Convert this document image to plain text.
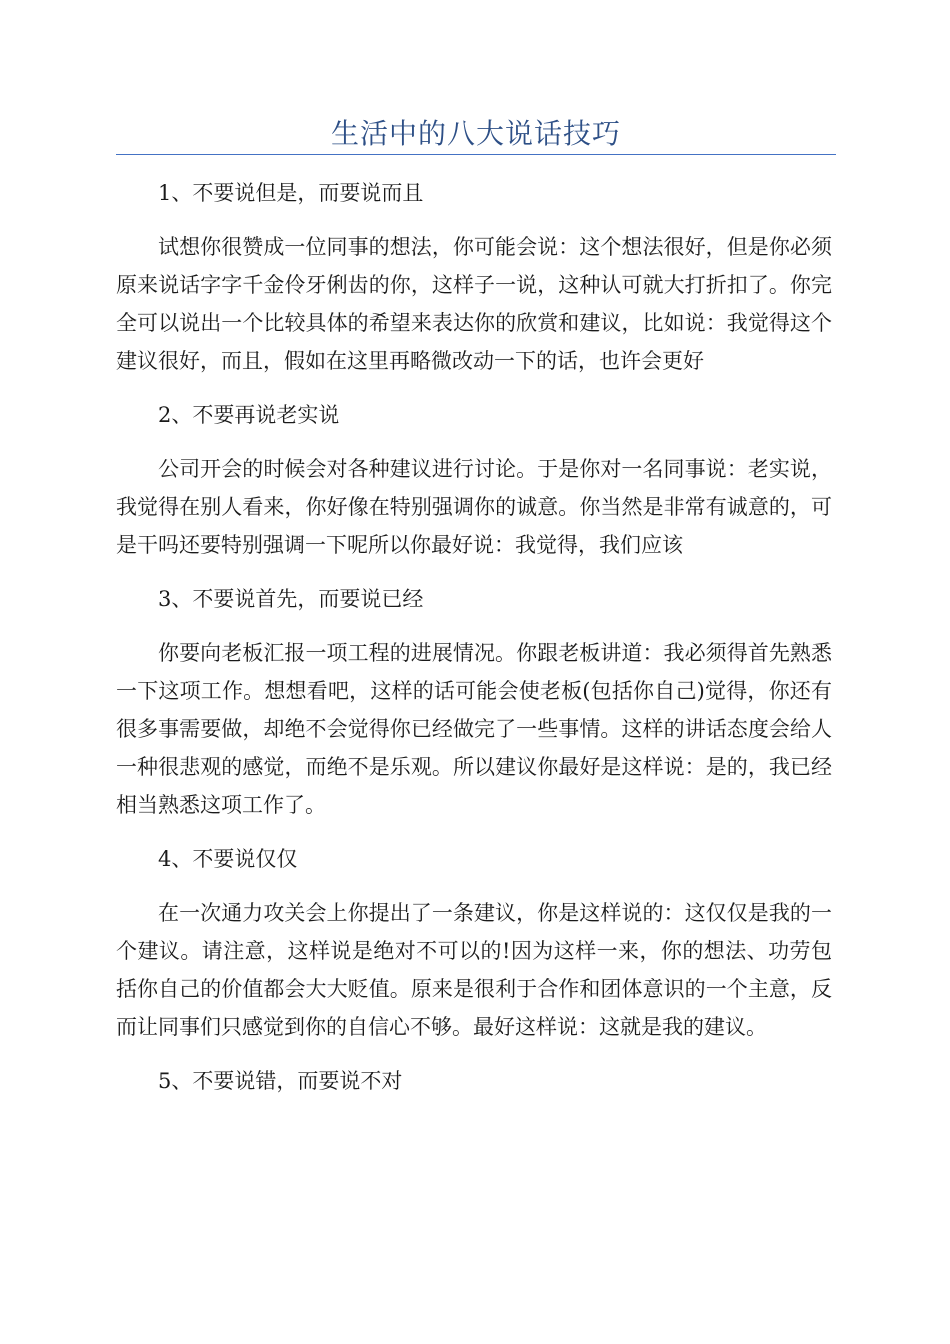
生活中的八大说话技巧

1、不要说但是，而要说而且

试想你很赞成一位同事的想法，你可能会说：这个想法很好，但是你必须原来说话字字千金伶牙俐齿的你，这样子一说，这种认可就大打折扣了。你完全可以说出一个比较具体的希望来表达你的欣赏和建议，比如说：我觉得这个建议很好，而且，假如在这里再略微改动一下的话，也许会更好

2、不要再说老实说

公司开会的时候会对各种建议进行讨论。于是你对一名同事说：老实说，我觉得在别人看来，你好像在特别强调你的诚意。你当然是非常有诚意的，可是干吗还要特别强调一下呢所以你最好说：我觉得，我们应该

3、不要说首先，而要说已经

你要向老板汇报一项工程的进展情况。你跟老板讲道：我必须得首先熟悉一下这项工作。想想看吧，这样的话可能会使老板(包括你自己)觉得，你还有很多事需要做，却绝不会觉得你已经做完了一些事情。这样的讲话态度会给人一种很悲观的感觉，而绝不是乐观。所以建议你最好是这样说：是的，我已经相当熟悉这项工作了。

4、不要说仅仅

在一次通力攻关会上你提出了一条建议，你是这样说的：这仅仅是我的一个建议。请注意，这样说是绝对不可以的!因为这样一来，你的想法、功劳包括你自己的价值都会大大贬值。原来是很利于合作和团体意识的一个主意，反而让同事们只感觉到你的自信心不够。最好这样说：这就是我的建议。

5、不要说错，而要说不对
